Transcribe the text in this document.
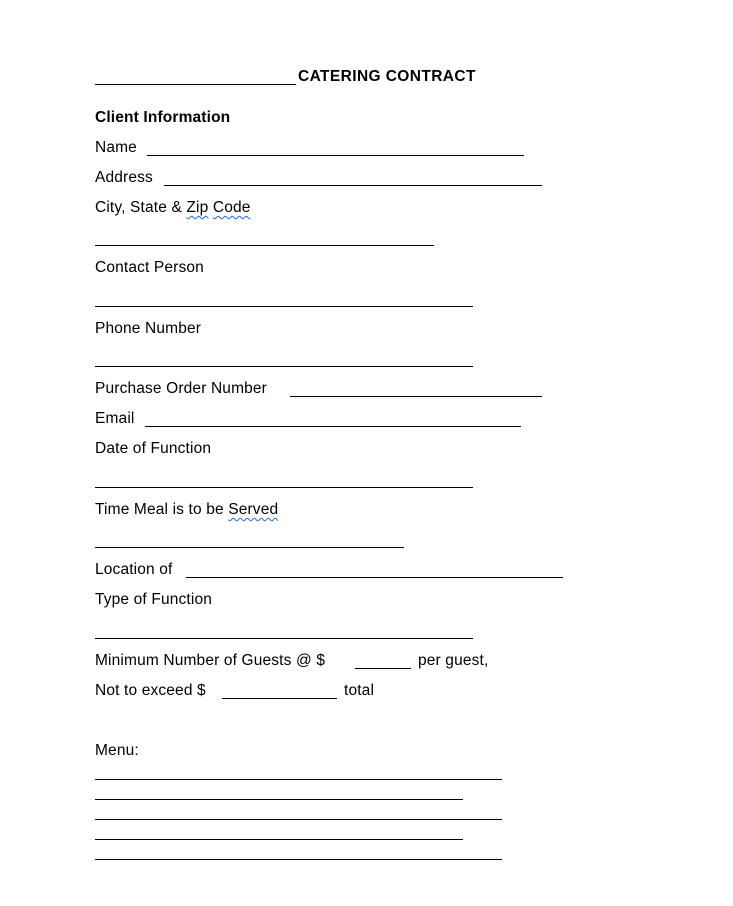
CATERING CONTRACT
Client Information
Name
Address
City, State & Zip Code
Contact Person
Phone Number
Purchase Order Number
Email
Date of Function
Time Meal is to be Served
Location of
Type of Function
Minimum Number of Guests @ $	per guest,
Not to exceed $	total
Menu:
